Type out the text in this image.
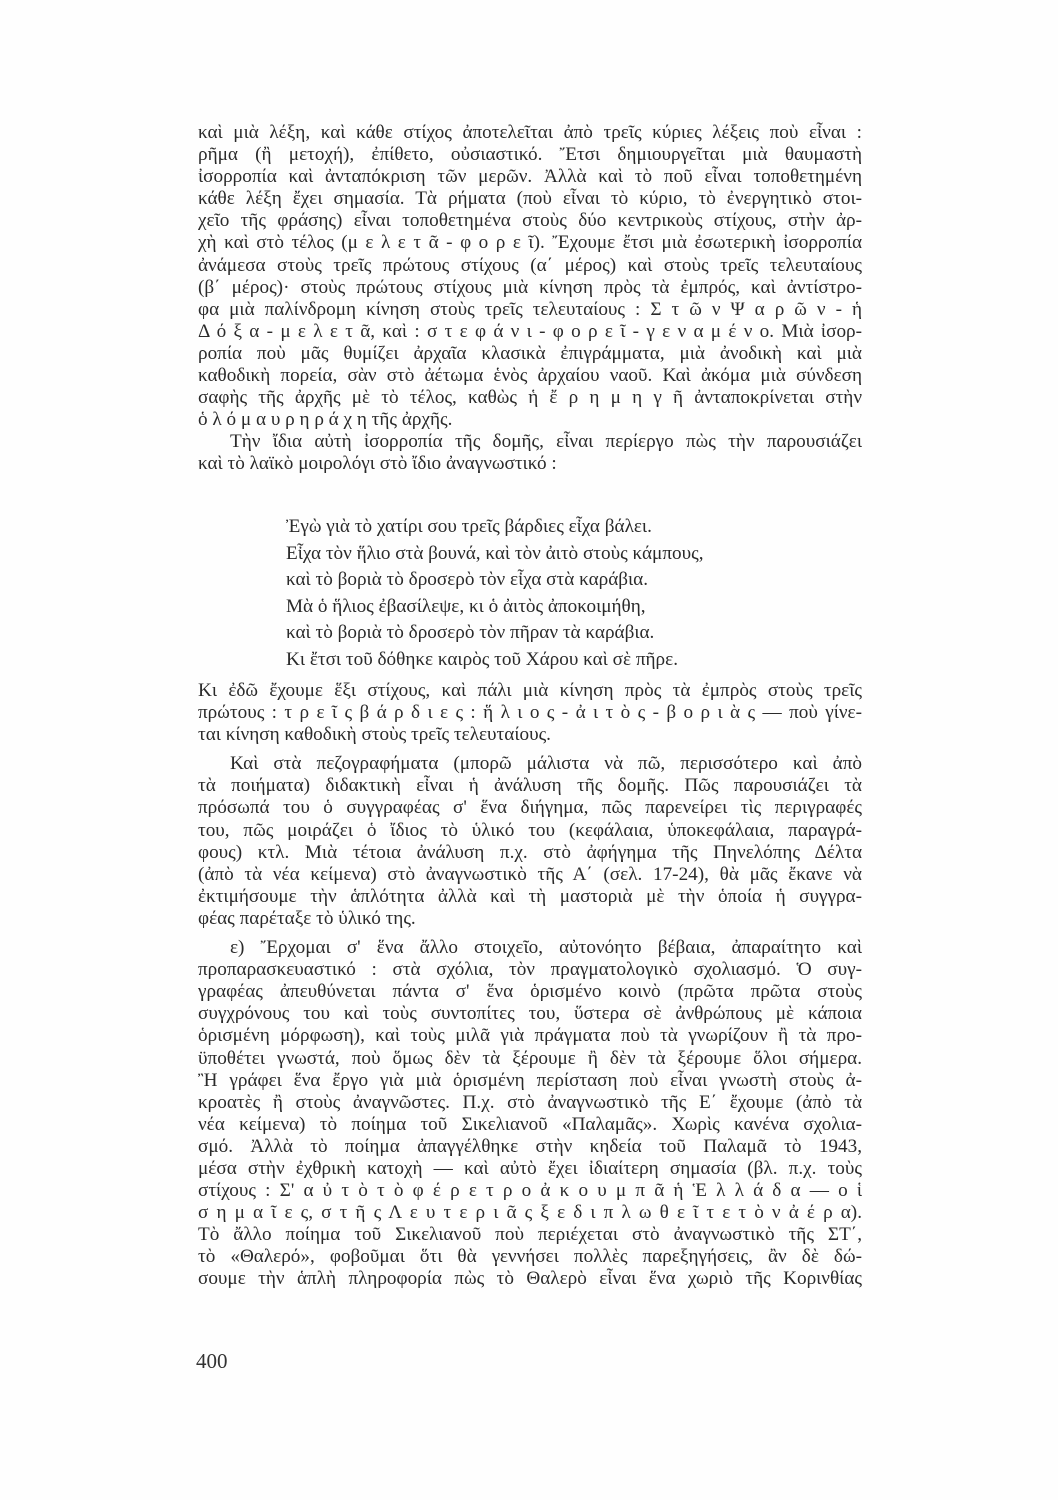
καὶ μιὰ λέξη, καὶ κάθε στίχος ἀποτελεῖται ἀπὸ τρεῖς κύριες λέξεις ποὺ εἶναι :
ρῆμα (ἢ μετοχή), ἐπίθετο, οὐσιαστικό. Ἔτσι δημιουργεῖται μιὰ θαυμαστὴ
ἰσορροπία καὶ ἀνταπόκριση τῶν μερῶν. Ἀλλὰ καὶ τὸ ποῦ εἶναι τοποθετημένη
κάθε λέξη ἔχει σημασία. Τὰ ρήματα (ποὺ εἶναι τὸ κύριο, τὸ ἐνεργητικὸ στοι-
χεῖο τῆς φράσης) εἶναι τοποθετημένα στοὺς δύο κεντρικοὺς στίχους, στὴν ἀρ-
χὴ καὶ στὸ τέλος (μ ε λ ε τ ᾶ - φ ο ρ ε ῖ). Ἔχουμε ἔτσι μιὰ ἐσωτερικὴ ἰσορροπία
ἀνάμεσα στοὺς τρεῖς πρώτους στίχους (α΄ μέρος) καὶ στοὺς τρεῖς τελευταίους
(β΄ μέρος)· στοὺς πρώτους στίχους μιὰ κίνηση πρὸς τὰ ἐμπρός, καὶ ἀντίστρο-
φα μιὰ παλίνδρομη κίνηση στοὺς τρεῖς τελευταίους : Σ τ ῶ ν Ψ α ρ ῶ ν - ἡ
Δ ό ξ α - μ ε λ ε τ ᾶ, καὶ : σ τ ε φ ά ν ι - φ ο ρ ε ῖ - γ ε ν α μ έ ν ο. Μιὰ ἰσορ-
ροπία ποὺ μᾶς θυμίζει ἀρχαῖα κλασικὰ ἐπιγράμματα, μιὰ ἀνοδικὴ καὶ μιὰ
καθοδικὴ πορεία, σὰν στὸ ἀέτωμα ἑνὸς ἀρχαίου ναοῦ. Καὶ ἀκόμα μιὰ σύνδεση
σαφὴς τῆς ἀρχῆς μὲ τὸ τέλος, καθὼς ἡ ἔ ρ η μ η γ ῆ ἀνταποκρίνεται στὴν
ὁ λ ό μ α υ ρ η ρ ά χ η τῆς ἀρχῆς.
Τὴν ἴδια αὐτὴ ἰσορροπία τῆς δομῆς, εἶναι περίεργο πὼς τὴν παρουσιάζει
καὶ τὸ λαϊκὸ μοιρολόγι στὸ ἴδιο ἀναγνωστικό :
Ἐγὼ γιὰ τὸ χατίρι σου τρεῖς βάρδιες εἶχα βάλει.
Εἶχα τὸν ἥλιο στὰ βουνά, καὶ τὸν ἀιτὸ στοὺς κάμπους,
καὶ τὸ βοριὰ τὸ δροσερὸ τὸν εἶχα στὰ καράβια.
Μὰ ὁ ἥλιος ἐβασίλεψε, κι ὁ ἀιτὸς ἀποκοιμήθη,
καὶ τὸ βοριὰ τὸ δροσερὸ τὸν πῆραν τὰ καράβια.
Κι ἔτσι τοῦ δόθηκε καιρὸς τοῦ Χάρου καὶ σὲ πῆρε.
Κι ἐδῶ ἔχουμε ἕξι στίχους, καὶ πάλι μιὰ κίνηση πρὸς τὰ ἐμπρὸς στοὺς τρεῖς
πρώτους : τ ρ ε ῖ ς β ά ρ δ ι ε ς : ἥ λ ι ο ς - ἀ ι τ ὸ ς - β ο ρ ι ὰ ς — ποὺ γίνε-
ται κίνηση καθοδικὴ στοὺς τρεῖς τελευταίους.
Καὶ στὰ πεζογραφήματα (μπορῶ μάλιστα νὰ πῶ, περισσότερο καὶ ἀπὸ
τὰ ποιήματα) διδακτικὴ εἶναι ἡ ἀνάλυση τῆς δομῆς. Πῶς παρουσιάζει τὰ
πρόσωπά του ὁ συγγραφέας σ' ἕνα διήγημα, πῶς παρενείρει τὶς περιγραφές
του, πῶς μοιράζει ὁ ἴδιος τὸ ὑλικό του (κεφάλαια, ὑποκεφάλαια, παραγρά-
φους) κτλ. Μιὰ τέτοια ἀνάλυση π.χ. στὸ ἀφήγημα τῆς Πηνελόπης Δέλτα
(ἀπὸ τὰ νέα κείμενα) στὸ ἀναγνωστικὸ τῆς Α΄ (σελ. 17-24), θὰ μᾶς ἔκανε νὰ
ἐκτιμήσουμε τὴν ἁπλότητα ἀλλὰ καὶ τὴ μαστοριὰ μὲ τὴν ὁποία ἡ συγγρα-
φέας παρέταξε τὸ ὑλικό της.
ε) Ἔρχομαι σ' ἕνα ἄλλο στοιχεῖο, αὐτονόητο βέβαια, ἀπαραίτητο καὶ
προπαρασκευαστικό : στὰ σχόλια, τὸν πραγματολογικὸ σχολιασμό. Ὁ συγ-
γραφέας ἀπευθύνεται πάντα σ' ἕνα ὁρισμένο κοινὸ (πρῶτα πρῶτα στοὺς
συγχρόνους του καὶ τοὺς συντοπίτες του, ὕστερα σὲ ἀνθρώπους μὲ κάποια
ὁρισμένη μόρφωση), καὶ τοὺς μιλᾶ γιὰ πράγματα ποὺ τὰ γνωρίζουν ἢ τὰ προ-
ϋποθέτει γνωστά, ποὺ ὅμως δὲν τὰ ξέρουμε ἢ δὲν τὰ ξέρουμε ὅλοι σήμερα.
Ἢ γράφει ἕνα ἔργο γιὰ μιὰ ὁρισμένη περίσταση ποὺ εἶναι γνωστὴ στοὺς ἀ-
κροατὲς ἢ στοὺς ἀναγνῶστες. Π.χ. στὸ ἀναγνωστικὸ τῆς Ε΄ ἔχουμε (ἀπὸ τὰ
νέα κείμενα) τὸ ποίημα τοῦ Σικελιανοῦ «Παλαμᾶς». Χωρὶς κανένα σχολια-
σμό. Ἀλλὰ τὸ ποίημα ἀπαγγέλθηκε στὴν κηδεία τοῦ Παλαμᾶ τὸ 1943,
μέσα στὴν ἐχθρικὴ κατοχὴ — καὶ αὐτὸ ἔχει ἰδιαίτερη σημασία (βλ. π.χ. τοὺς
στίχους : Σ' α ὐ τ ὸ τ ὸ φ έ ρ ε τ ρ ο ἀ κ ο υ μ π ᾶ ἡ Ἑ λ λ ά δ α — ο ἱ
σ η μ α ῖ ε ς, σ τ ῆ ς Λ ε υ τ ε ρ ι ᾶ ς ξ ε δ ι π λ ω θ ε ῖ τ ε τ ὸ ν ἀ έ ρ α).
Τὸ ἄλλο ποίημα τοῦ Σικελιανοῦ ποὺ περιέχεται στὸ ἀναγνωστικὸ τῆς ΣΤ΄,
τὸ «Θαλερό», φοβοῦμαι ὅτι θὰ γεννήσει πολλὲς παρεξηγήσεις, ἂν δὲ δώ-
σουμε τὴν ἁπλὴ πληροφορία πὼς τὸ Θαλερὸ εἶναι ἕνα χωριὸ τῆς Κορινθίας
400
